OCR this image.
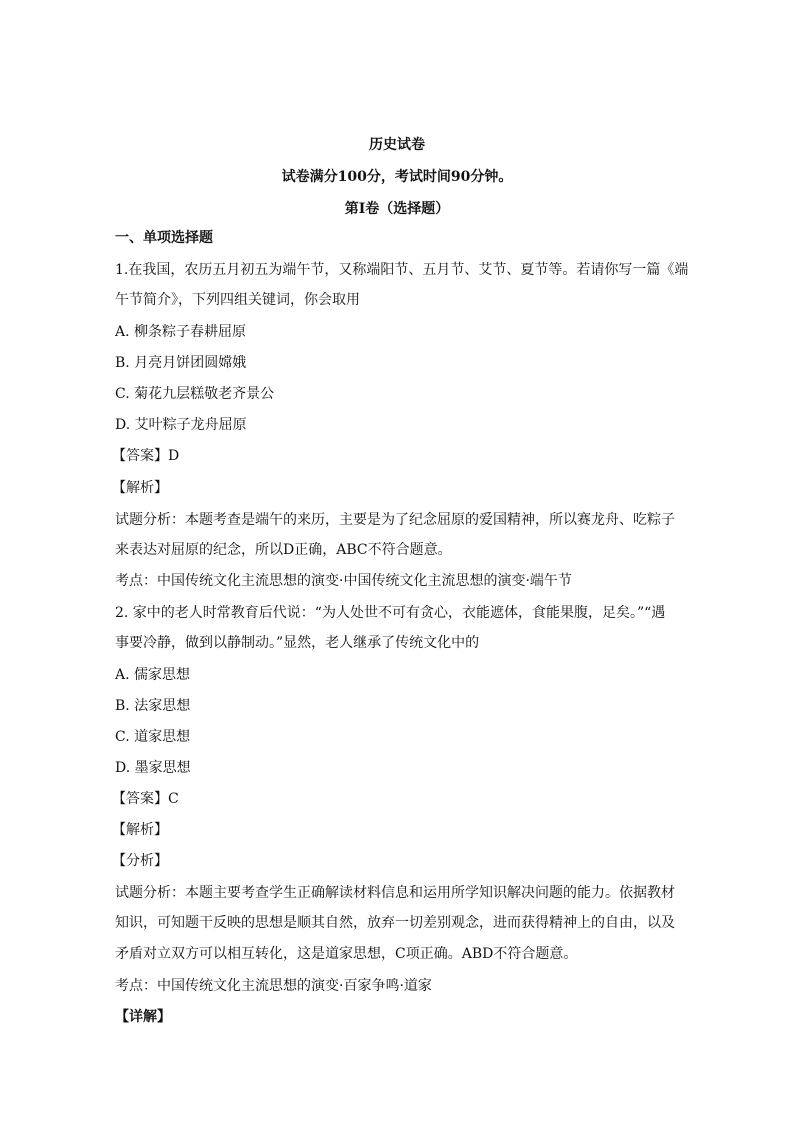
历史试卷
试卷满分100分，考试时间90分钟。
第I卷（选择题）
一、单项选择题
1.在我国，农历五月初五为端午节，又称端阳节、五月节、艾节、夏节等。若请你写一篇《端
午节简介》，下列四组关键词，你会取用
A. 柳条粽子春耕屈原
B. 月亮月饼团圆嫦娥
C. 菊花九层糕敬老齐景公
D. 艾叶粽子龙舟屈原
【答案】D
【解析】
试题分析：本题考查是端午的来历，主要是为了纪念屈原的爱国精神，所以赛龙舟、吃粽子
来表达对屈原的纪念，所以D正确，ABC不符合题意。
考点：中国传统文化主流思想的演变·中国传统文化主流思想的演变·端午节
2. 家中的老人时常教育后代说：“为人处世不可有贪心，衣能遮体，食能果腹，足矣。”“遇
事要冷静，做到以静制动。”显然，老人继承了传统文化中的
A. 儒家思想
B. 法家思想
C. 道家思想
D. 墨家思想
【答案】C
【解析】
【分析】
试题分析：本题主要考查学生正确解读材料信息和运用所学知识解决问题的能力。依据教材
知识，可知题干反映的思想是顺其自然，放弃一切差别观念，进而获得精神上的自由，以及
矛盾对立双方可以相互转化，这是道家思想，C项正确。ABD不符合题意。
考点：中国传统文化主流思想的演变·百家争鸣·道家
【详解】
